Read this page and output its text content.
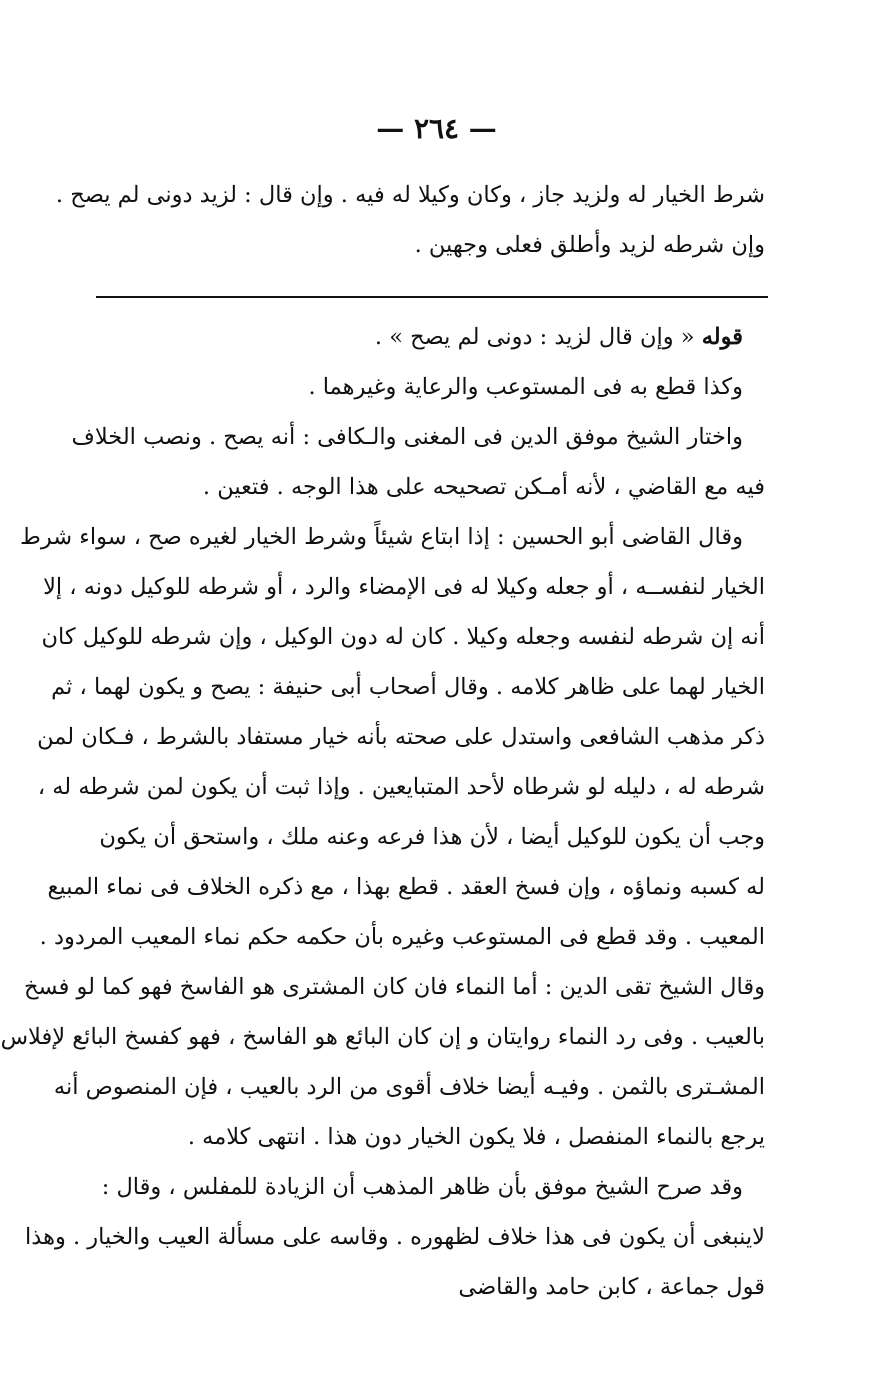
— ٢٦٤ —
شرط الخيار له ولزيد جاز ، وكان وكيلا له فيه . وإن قال : لزيد دونى لم يصح .
وإن شرطه لزيد وأطلق فعلى وجهين .
قوله « وإن قال لزيد : دونى لم يصح » .
وكذا قطع به فى المستوعب والرعاية وغيرهما .
واختار الشيخ موفق الدين فى المغنى والـكافى : أنه يصح . ونصب الخلاف
فيه مع القاضي ، لأنه أمـكن تصحيحه على هذا الوجه . فتعين .
وقال القاضى أبو الحسين : إذا ابتاع شيئاً وشرط الخيار لغيره صح ، سواء شرط
الخيار لنفســه ، أو جعله وكيلا له فى الإمضاء والرد ، أو شرطه للوكيل دونه ، إلا
أنه إن شرطه لنفسه وجعله وكيلا . كان له دون الوكيل ، وإن شرطه للوكيل كان
الخيار لهما على ظاهر كلامه . وقال أصحاب أبى حنيفة : يصح و يكون لهما ، ثم
ذكر مذهب الشافعى واستدل على صحته بأنه خيار مستفاد بالشرط ، فـكان لمن
شرطه له ، دليله لو شرطاه لأحد المتبايعين . وإذا ثبت أن يكون لمن شرطه له ،
وجب أن يكون للوكيل أيضا ، لأن هذا فرعه وعنه ملك ، واستحق أن يكون
له كسبه ونماؤه ، وإن فسخ العقد . قطع بهذا ، مع ذكره الخلاف فى نماء المبيع
المعيب . وقد قطع فى المستوعب وغيره بأن حكمه حكم نماء المعيب المردود .
وقال الشيخ تقى الدين : أما النماء فان كان المشترى هو الفاسخ فهو كما لو فسخ
بالعيب . وفى رد النماء روايتان و إن كان البائع هو الفاسخ ، فهو كفسخ البائع لإفلاس
المشـترى بالثمن . وفيـه أيضا خلاف أقوى من الرد بالعيب ، فإن المنصوص أنه
يرجع بالنماء المنفصل ، فلا يكون الخيار دون هذا . انتهى كلامه .
وقد صرح الشيخ موفق بأن ظاهر المذهب أن الزيادة للمفلس ، وقال :
لاينبغى أن يكون فى هذا خلاف لظهوره . وقاسه على مسألة العيب والخيار . وهذا
قول جماعة ، كابن حامد والقاضى
